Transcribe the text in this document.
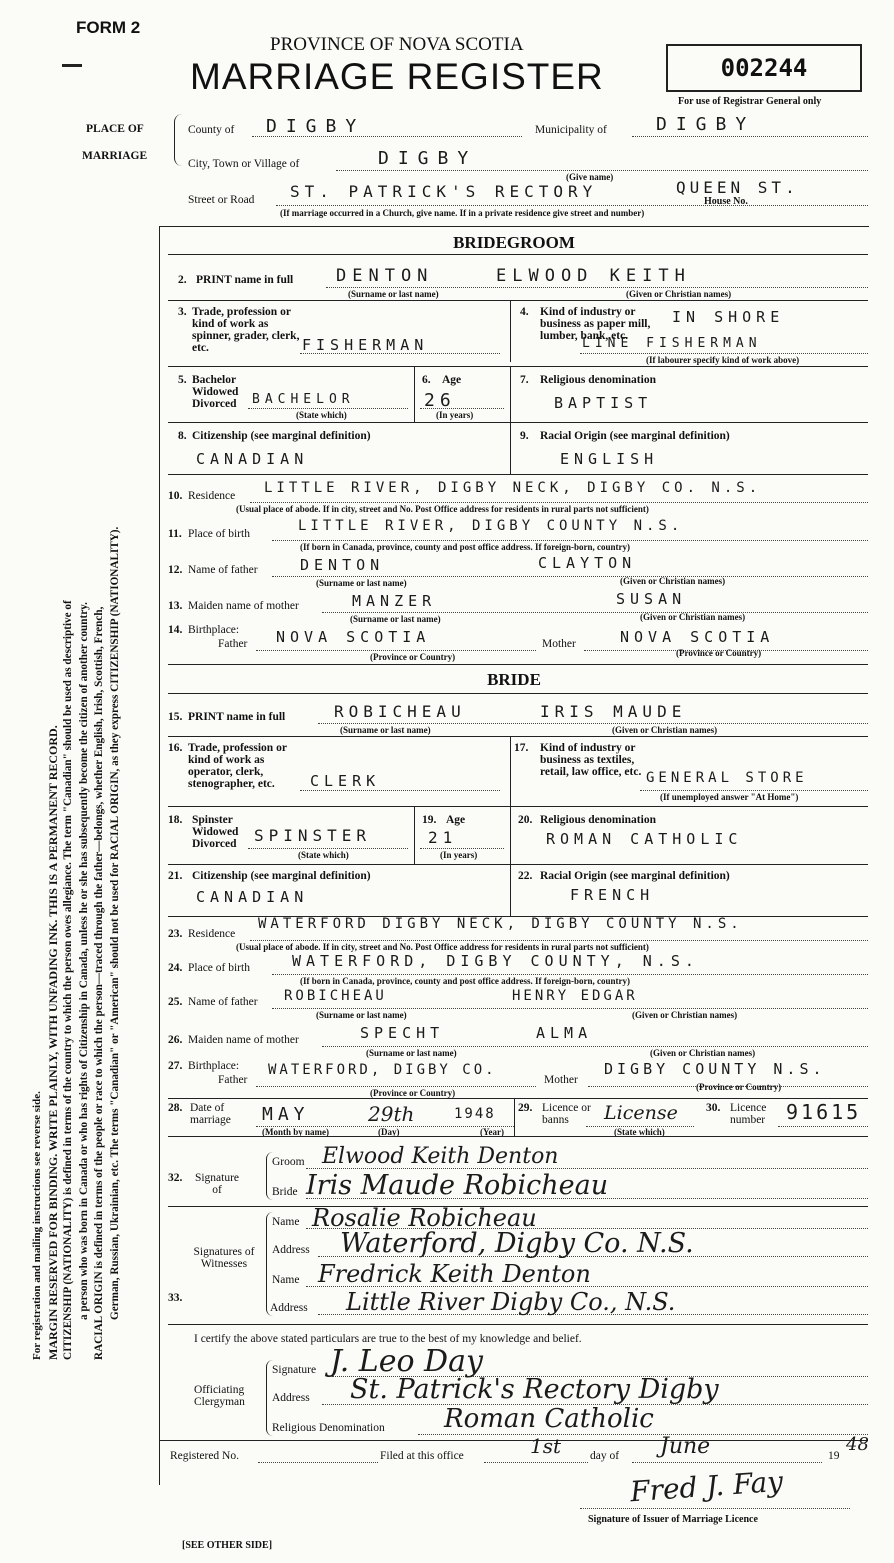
For registration and mailing instructions see reverse side. MARGIN RESERVED FOR BINDING. WRITE PLAINLY, WITH UNFADING INK. THIS IS A PERMANENT RECORD. CITIZENSHIP (NATIONALITY) is defined in terms of the country to which the person owes allegiance. The term "Canadian" should be used as descriptive of a person who was born in Canada or who has rights of Citizenship in Canada, unless he or she has subsequently become the citizen of another country. RACIAL ORIGIN is defined in terms of the people or race to which the person—traced through the father—belongs, whether English, Irish, Scottish, French, German, Russian, Ukrainian, etc. The terms "Canadian" or "American" should not be used for RACIAL ORIGIN, as they express CITIZENSHIP (NATIONALITY).
FORM 2
PROVINCE OF NOVA SCOTIA
MARRIAGE REGISTER	002244
For use of Registrar General only
PLACE OF
MARRIAGE
County of DIGBY	Municipality of	DIGBY
City, Town or Village of	DIGBY
(Give name)
Street or Road ST. PATRICK'S RECTORY	QUEEN ST.
House No.
(If marriage occurred in a Church, give name. If in a private residence give street and number)
BRIDEGROOM
2. PRINT name in full	DENTON	ELWOOD KEITH
(Surname or last name)	(Given or Christian names)
3. Trade, profession or kind of work as spinner, grader, clerk, etc.	FISHERMAN
4. Kind of industry or business as paper mill, lumber, bank, etc.
IN SHORE
LINE FISHERMAN
(If labourer specify kind of work above)
5. Bachelor Widowed Divorced	BACHELOR
(State which)
6. Age
26
(In years)
7. Religious denomination
BAPTIST
8. Citizenship (see marginal definition)
CANADIAN
9. Racial Origin (see marginal definition)
ENGLISH
10. Residence LITTLE RIVER, DIGBY NECK, DIGBY CO. N.S.
(Usual place of abode. If in city, street and No. Post Office address for residents in rural parts not sufficient)
11. Place of birth	LITTLE RIVER, DIGBY COUNTY N.S.
(If born in Canada, province, county and post office address. If foreign-born, country)
12. Name of father	DENTON	CLAYTON
(Surname or last name)	(Given or Christian names)
13. Maiden name of mother	MANZER	SUSAN
(Surname or last name)	(Given or Christian names)
14. Birthplace:
Father NOVA SCOTIA
(Province or Country)
Mother	NOVA SCOTIA
(Province or Country)
BRIDE
15. PRINT name in full	ROBICHEAU	IRIS MAUDE
(Surname or last name)	(Given or Christian names)
16. Trade, profession or kind of work as operator, clerk, stenographer, etc.	CLERK
17. Kind of industry or business as textiles, retail, law office, etc. GENERAL STORE
(If unemployed answer "At Home")
18. Spinster Widowed Divorced	SPINSTER
(State which)
19. Age
21
(In years)
20. Religious denomination
ROMAN CATHOLIC
21. Citizenship (see marginal definition)
CANADIAN
22. Racial Origin (see marginal definition)
FRENCH
23. Residence
WATERFORD DIGBY NECK, DIGBY COUNTY N.S.
(Usual place of abode. If in city, street and No. Post Office address for residents in rural parts not sufficient)
24. Place of birth	WATERFORD, DIGBY COUNTY, N.S.
(If born in Canada, province, county and post office address. If foreign-born, country)
25. Name of father ROBICHEAU	HENRY EDGAR
(Surname or last name)	(Given or Christian names)
26. Maiden name of mother	SPECHT	ALMA
(Surname or last name)	(Given or Christian names)
27. Birthplace:
Father
WATERFORD, DIGBY CO.
(Province or Country)
Mother
DIGBY COUNTY N.S.
(Province or Country)
28. Date of marriage	MAY	29th	1948
(Month by name)	(Day)	(Year)
29. Licence or banns	License
(State which)
30. Licence number	91615
32. Signature of
Groom Elwood Keith Denton
Bride Iris Maude Robicheau
33.
Signatures of Witnesses
Name Rosalie Robicheau
Address Waterford, Digby Co. N.S.
Name Fredrick Keith Denton
Address Little River Digby Co., N.S.
I certify the above stated particulars are true to the best of my knowledge and belief.
Officiating Clergyman
Signature J. Leo Day
Address St. Patrick's Rectory Digby
Religious Denomination Roman Catholic
Registered No.	Filed at this office	1st	day of June	19
48
Fred J. Fay
Signature of Issuer of Marriage Licence
[SEE OTHER SIDE]
